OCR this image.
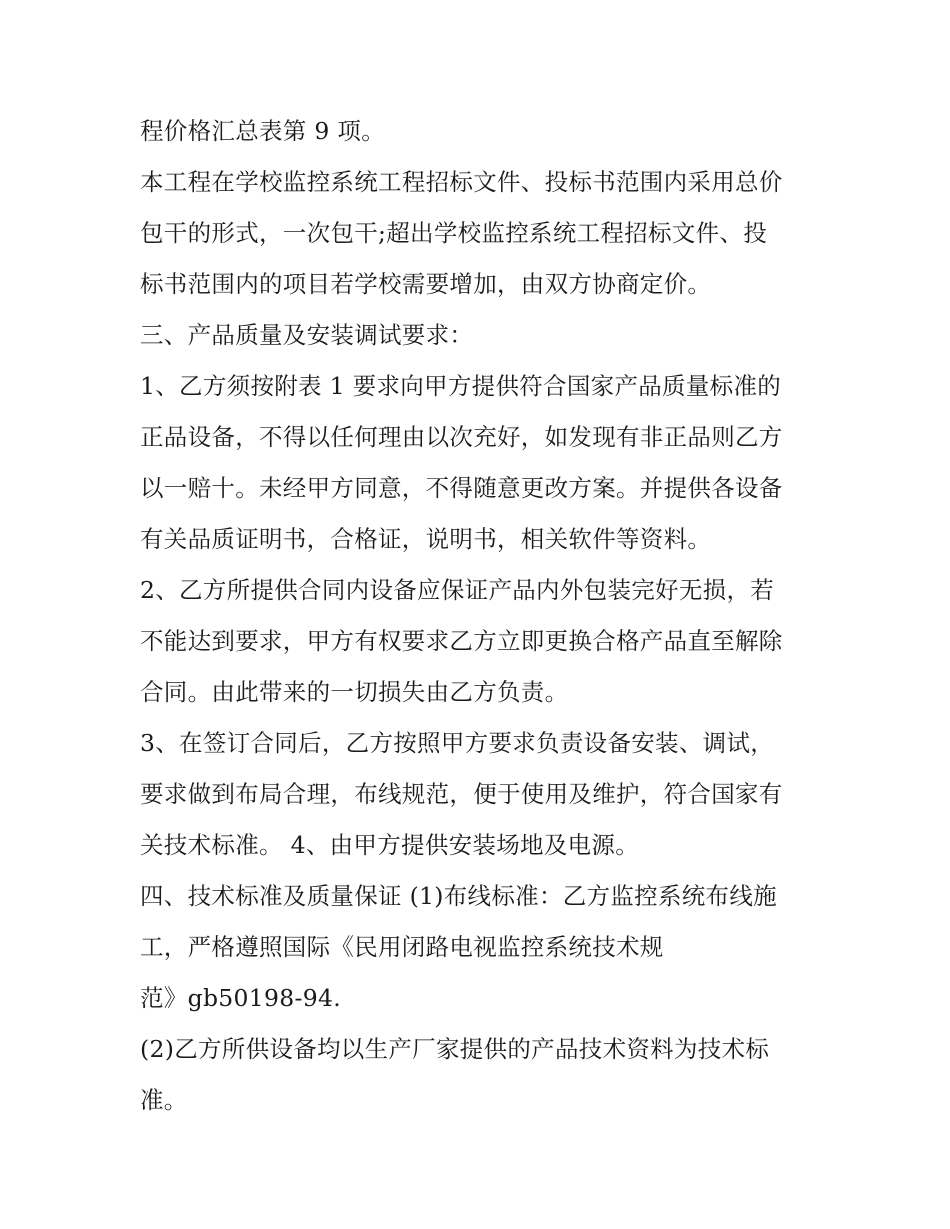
程价格汇总表第 9 项。
本工程在学校监控系统工程招标文件、投标书范围内采用总价
包干的形式，一次包干;超出学校监控系统工程招标文件、投
标书范围内的项目若学校需要增加，由双方协商定价。
三、产品质量及安装调试要求：
1、乙方须按附表 1 要求向甲方提供符合国家产品质量标准的
正品设备，不得以任何理由以次充好，如发现有非正品则乙方
以一赔十。未经甲方同意，不得随意更改方案。并提供各设备
有关品质证明书，合格证，说明书，相关软件等资料。
2、乙方所提供合同内设备应保证产品内外包装完好无损，若
不能达到要求，甲方有权要求乙方立即更换合格产品直至解除
合同。由此带来的一切损失由乙方负责。
3、在签订合同后，乙方按照甲方要求负责设备安装、调试，
要求做到布局合理，布线规范，便于使用及维护，符合国家有
关技术标准。 4、由甲方提供安装场地及电源。
四、技术标准及质量保证 (1)布线标准：乙方监控系统布线施
工，严格遵照国际《民用闭路电视监控系统技术规
范》gb50198-94.
(2)乙方所供设备均以生产厂家提供的产品技术资料为技术标
准。
